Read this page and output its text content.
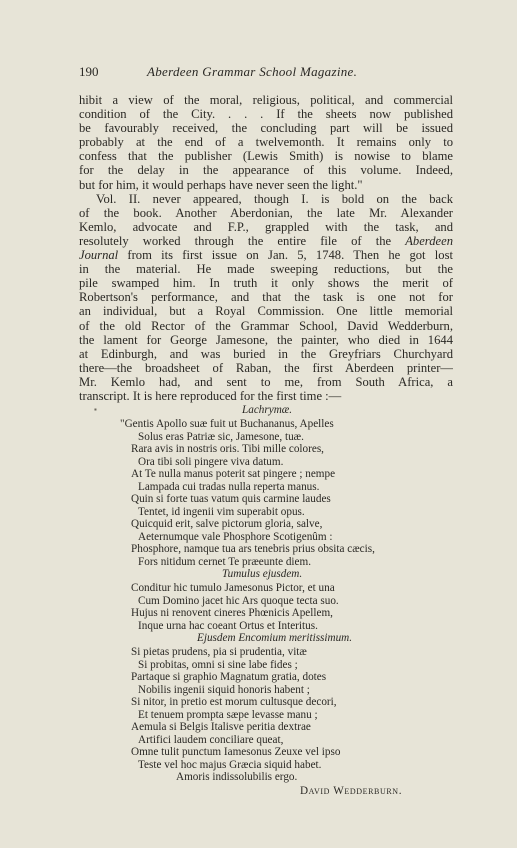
190	Aberdeen Grammar School Magazine.
hibit a view of the moral, religious, political, and commercial
condition of the City. . . . If the sheets now published
be favourably received, the concluding part will be issued
probably at the end of a twelvemonth. It remains only to
confess that the publisher (Lewis Smith) is nowise to blame
for the delay in the appearance of this volume. Indeed,
but for him, it would perhaps have never seen the light."
Vol. II. never appeared, though I. is bold on the back
of the book. Another Aberdonian, the late Mr. Alexander
Kemlo, advocate and F.P., grappled with the task, and
resolutely worked through the entire file of the Aberdeen
Journal from its first issue on Jan. 5, 1748. Then he got lost
in the material. He made sweeping reductions, but the
pile swamped him. In truth it only shows the merit of
Robertson's performance, and that the task is one not for
an individual, but a Royal Commission. One little memorial
of the old Rector of the Grammar School, David Wedderburn,
the lament for George Jamesone, the painter, who died in 1644
at Edinburgh, and was buried in the Greyfriars Churchyard
there—the broadsheet of Raban, the first Aberdeen printer—
Mr. Kemlo had, and sent to me, from South Africa, a
transcript. It is here reproduced for the first time :—
▪	Lachrymæ.
"Gentis Apollo suæ fuit ut Buchananus, Apelles
Solus eras Patriæ sic, Jamesone, tuæ.
Rara avis in nostris oris. Tibi mille colores,
Ora tibi soli pingere viva datum.
At Te nulla manus poterit sat pingere ; nempe
Lampada cui tradas nulla reperta manus.
Quin si forte tuas vatum quis carmine laudes
Tentet, id ingenii vim superabit opus.
Quicquid erit, salve pictorum gloria, salve,
Aeternumque vale Phosphore Scotigenûm :
Phosphore, namque tua ars tenebris prius obsita cæcis,
Fors nitidum cernet Te præeunte diem.
Tumulus ejusdem.
Conditur hic tumulo Jamesonus Pictor, et una
Cum Domino jacet hic Ars quoque tecta suo.
Hujus ni renovent cineres Phœnicis Apellem,
Inque urna hac coeant Ortus et Interitus.
Ejusdem Encomium meritissimum.
Si pietas prudens, pia si prudentia, vitæ
Si probitas, omni si sine labe fides ;
Partaque si graphio Magnatum gratia, dotes
Nobilis ingenii siquid honoris habent ;
Si nitor, in pretio est morum cultusque decori,
Et tenuem prompta sæpe levasse manu ;
Aemula si Belgis Italisve peritia dextrae
Artifici laudem conciliare queat,
Omne tulit punctum Iamesonus Zeuxe vel ipso
Teste vel hoc majus Græcia siquid habet.
Amoris indissolubilis ergo.
David Wedderburn.
